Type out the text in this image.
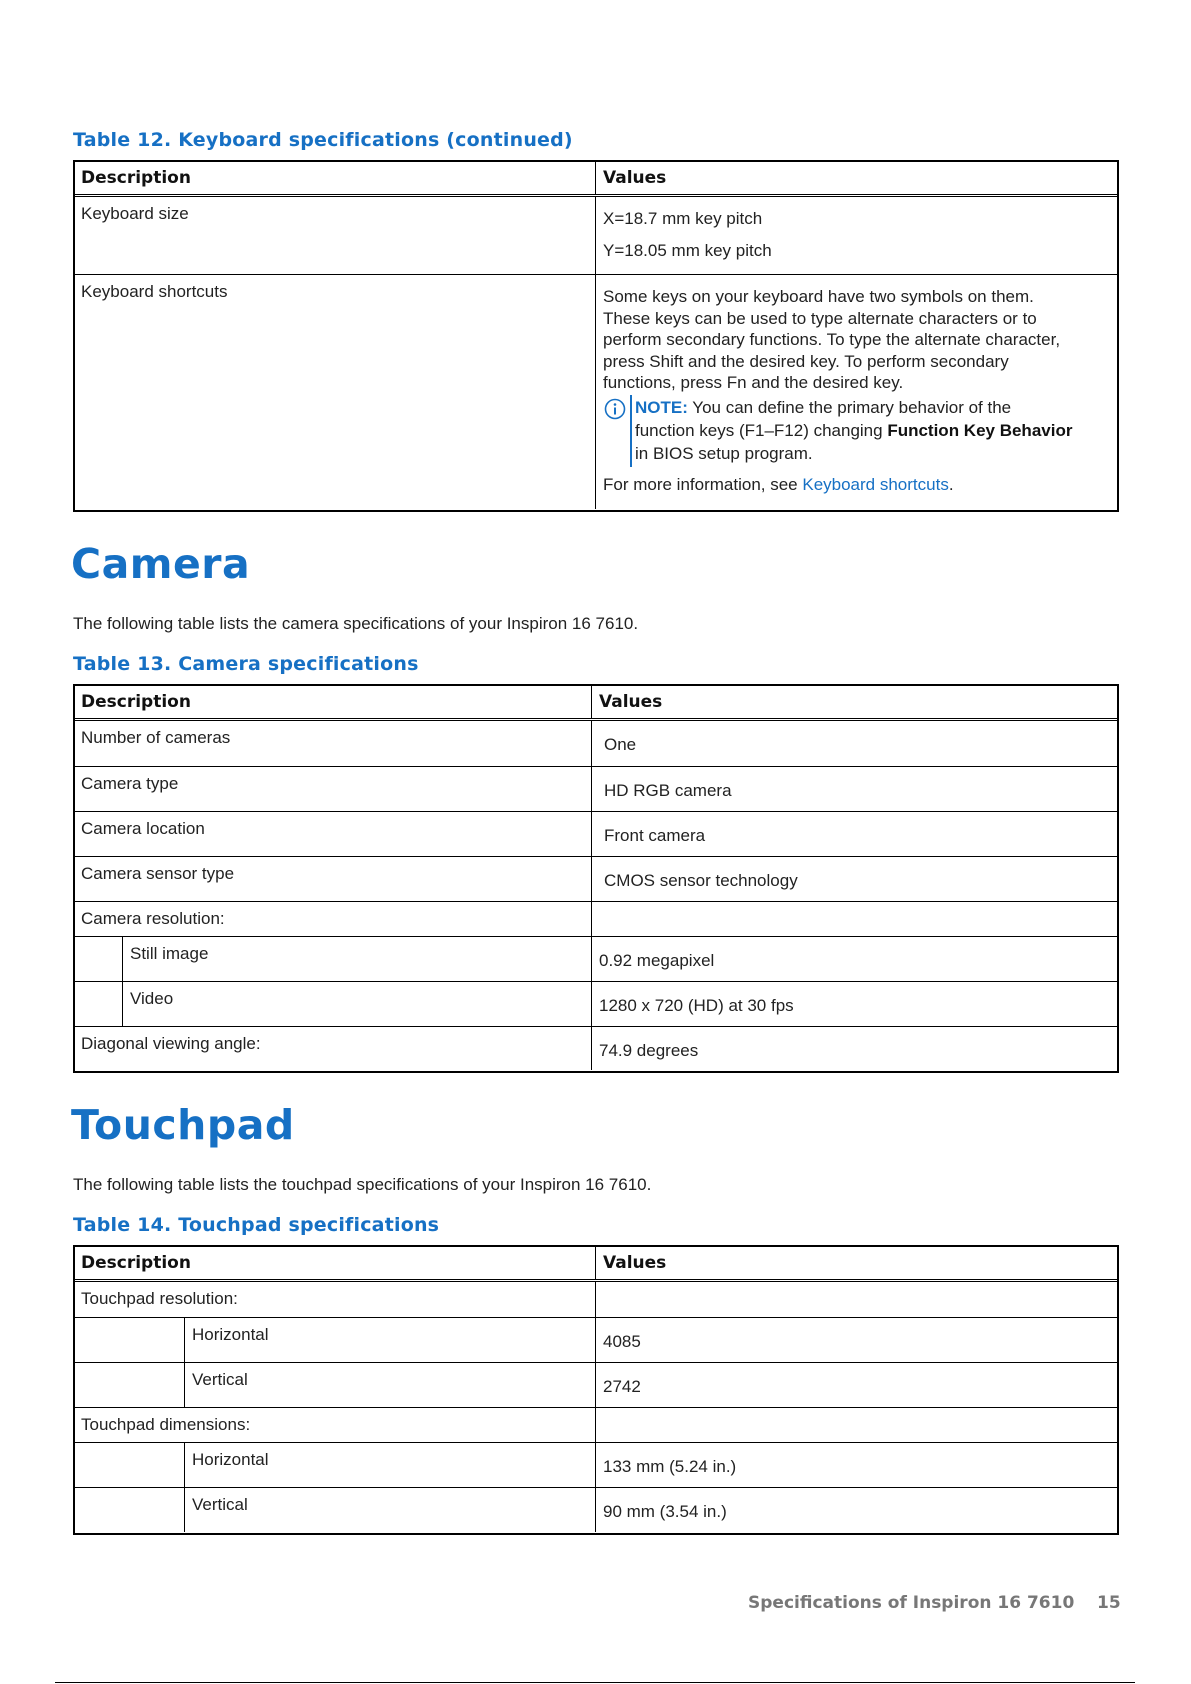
Table 12. Keyboard specifications (continued)
Description	Values
Keyboard size	X=18.7 mm key pitch
Y=18.05 mm key pitch
Keyboard shortcuts	Some keys on your keyboard have two symbols on them.
These keys can be used to type alternate characters or to
perform secondary functions. To type the alternate character,
press Shift and the desired key. To perform secondary
functions, press Fn and the desired key.
NOTE: You can define the primary behavior of the
function keys (F1–F12) changing Function Key Behavior
in BIOS setup program.
For more information, see Keyboard shortcuts.
Camera
The following table lists the camera specifications of your Inspiron 16 7610.
Table 13. Camera specifications
Description	Values
Number of cameras	One
Camera type	HD RGB camera
Camera location	Front camera
Camera sensor type	CMOS sensor technology
Camera resolution:
Still image	0.92 megapixel
Video	1280 x 720 (HD) at 30 fps
Diagonal viewing angle:	74.9 degrees
Touchpad
The following table lists the touchpad specifications of your Inspiron 16 7610.
Table 14. Touchpad specifications
Description	Values
Touchpad resolution:
Horizontal	4085
Vertical	2742
Touchpad dimensions:
Horizontal	133 mm (5.24 in.)
Vertical	90 mm (3.54 in.)
Specifications of Inspiron 16 7610 15
